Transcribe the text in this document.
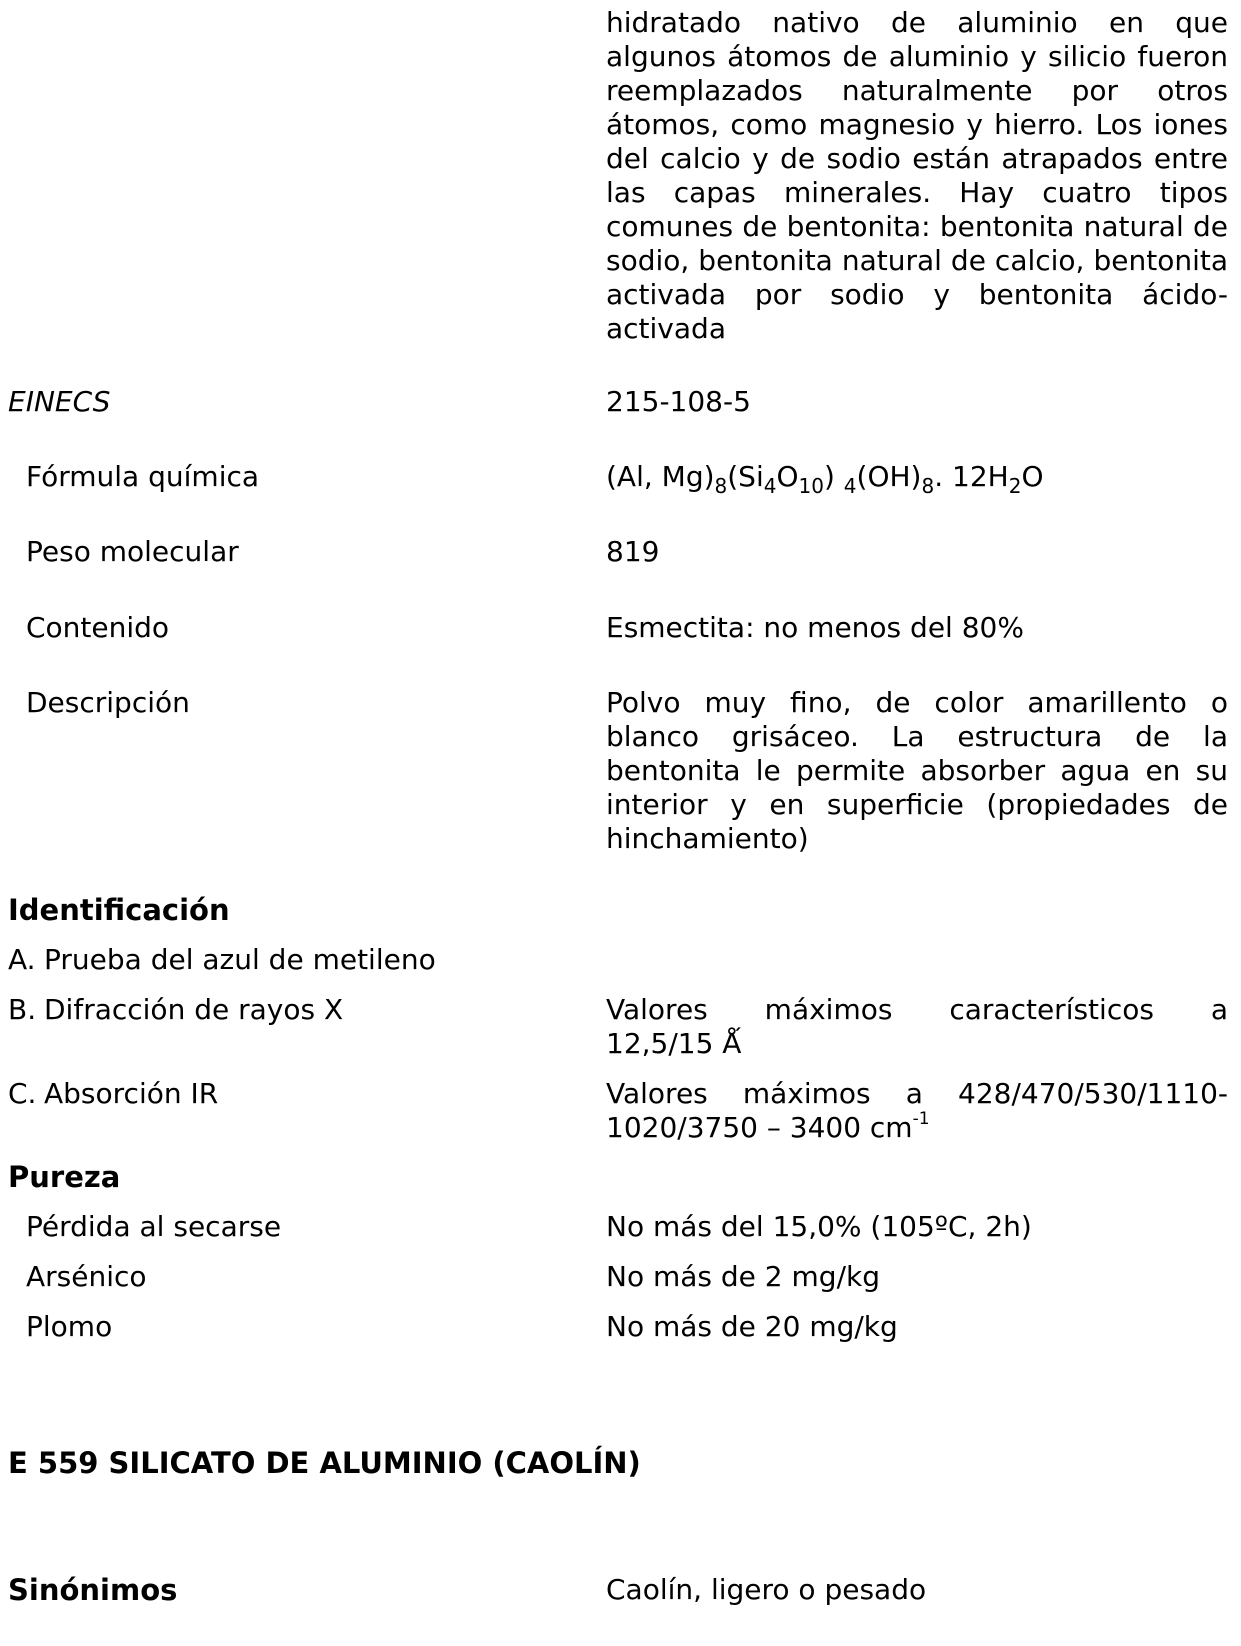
hidratado nativo de aluminio en que algunos átomos de aluminio y silicio fueron reemplazados naturalmente por otros átomos, como magnesio y hierro. Los iones del calcio y de sodio están atrapados entre las capas minerales. Hay cuatro tipos comunes de bentonita: bentonita natural de sodio, bentonita natural de calcio, bentonita activada por sodio y bentonita ácido-activada
EINECS	215-108-5
Fórmula química	(Al, $Mg)_8(Si_4O_{10})$ $_4(OH)_8$. $12H_2O$
Peso molecular	819
Contenido	Esmectita: no menos del 80%
Descripción	Polvo muy fino, de color amarillento o blanco grisáceo. La estructura de la bentonita le permite absorber agua en su interior y en superficie (propiedades de hinchamiento)
Identificación
A. Prueba del azul de metileno
B. Difracción de rayos X	Valores máximos característicos a
12,5/15 Ǻ
C. Absorción IR	Valores máximos a 428/470/530/1110-
1020/3750 – 3400 $cm^{-1}$
Pureza
Pérdida al secarse	No más del 15,0% (105ºC, 2h)
Arsénico	No más de 2 mg/kg
Plomo	No más de 20 mg/kg
E 559 SILICATO DE ALUMINIO (CAOLÍN)
Sinónimos	Caolín, ligero o pesado
